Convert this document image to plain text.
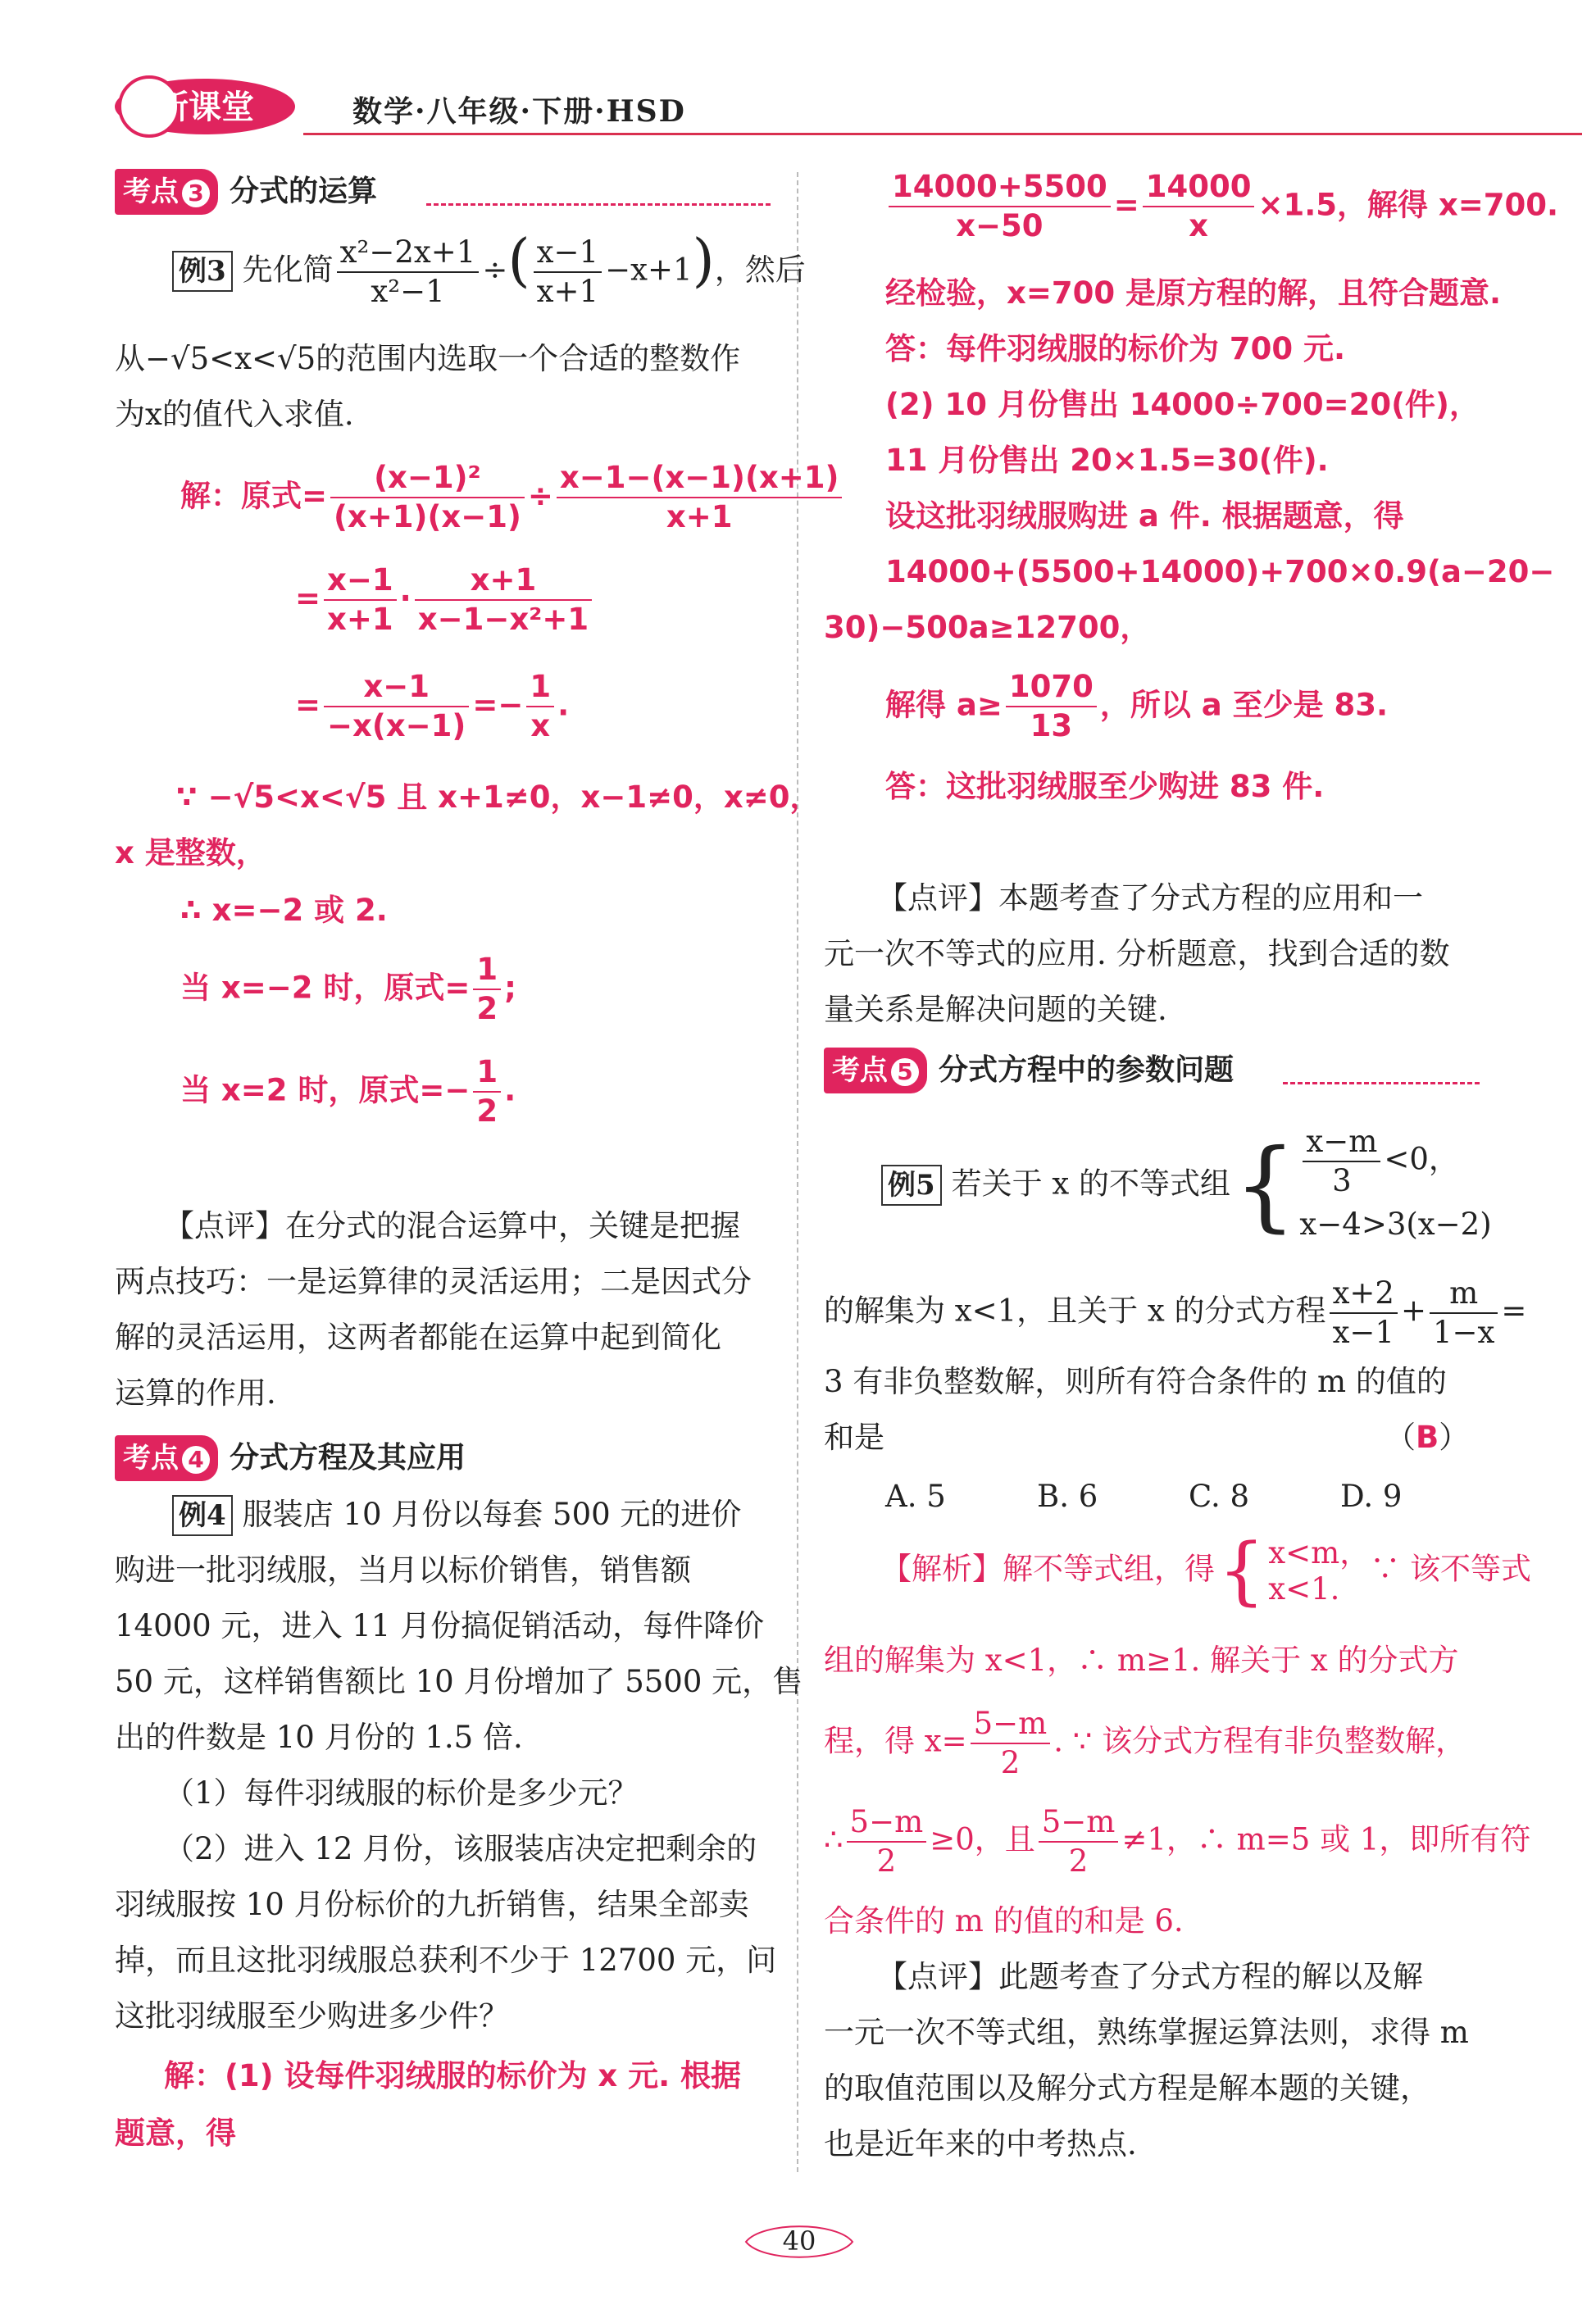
新课堂	数学·八年级·下册·HSD
考点 3 分式的运算
例3 先化简 $\frac{\text{x²−2x+1}}{\text{x²−1}}$ ÷( $\frac{x-1}{x+1} -x+1$)，然后
从−√5<x<√5的范围内选取一个合适的整数作
为x的值代入求值.
解：原式= $\frac{\text{(x−1)²}}{(x+1)(x-1)} \div \frac{x-1-(x-1)(x+1)}{x+1}$
= $\frac{x-1}{x+1} \cdot \frac{x+1}{\text{x−1−x²+1}}$
= $\frac{x-1}{-x(x-1)} =- \frac{1}{x}$ .
∵ −√5<x<√5 且 x+1≠0，x−1≠0，x≠0，
x 是整数，
∴ x=−2 或 2.
当 x=−2 时，原式= $\frac{1}{2}$ ;
当 x=2 时，原式=− $\frac{1}{2}$ .
【点评】在分式的混合运算中，关键是把握
两点技巧：一是运算律的灵活运用；二是因式分
解的灵活运用，这两者都能在运算中起到简化
运算的作用.
考点 4 分式方程及其应用
例4 服装店 10 月份以每套 500 元的进价
购进一批羽绒服，当月以标价销售，销售额
14000 元，进入 11 月份搞促销活动，每件降价
50 元，这样销售额比 10 月份增加了 5500 元，售
出的件数是 10 月份的 1.5 倍.
（1）每件羽绒服的标价是多少元？
（2）进入 12 月份，该服装店决定把剩余的
羽绒服按 10 月份标价的九折销售，结果全部卖
掉，而且这批羽绒服总获利不少于 12700 元，问
这批羽绒服至少购进多少件？
解：(1) 设每件羽绒服的标价为 x 元. 根据
题意，得
$\frac{14000+5500}{x-50} = \frac{14000}{x} \times 1.5$，解得 x=700.
经检验，x=700 是原方程的解，且符合题意.
答：每件羽绒服的标价为 700 元.
(2) 10 月份售出 14000÷700=20(件)，
11 月份售出 20×1.5=30(件).
设这批羽绒服购进 a 件. 根据题意，得
14000+(5500+14000)+700×0.9(a−20−
30)−500a≥12700，
解得 $a\ge \frac{1070}{13}$ ，所以 a 至少是 83.
答：这批羽绒服至少购进 83 件.
【点评】本题考查了分式方程的应用和一
元一次不等式的应用. 分析题意，找到合适的数
量关系是解决问题的关键.
考点 5 分式方程中的参数问题
例5 若关于 x 的不等式组{ $\frac{x-m}{3} <0$，
x−4>3(x−2)
的解集为 x<1，且关于 x 的分式方程 $\frac{x+2}{x-1} + \frac{m}{1-x}$ =
3 有非负整数解，则所有符合条件的 m 的值的
和是	（B）
A. 5	B. 6	C. 8	D. 9
【解析】解不等式组，得{ x<m，
x<1.
∵ 该不等式
组的解集为 x<1，∴ m≥1. 解关于 x 的分式方
程，得 $x= \frac{5-m}{2}$ . ∵ 该分式方程有非负整数解，
∴ $\frac{5-m}{2} \ge 0$，且 $\frac{5-m}{2} \ne 1$，∴ m=5 或 1，即所有符
合条件的 m 的值的和是 6.
【点评】此题考查了分式方程的解以及解
一元一次不等式组，熟练掌握运算法则，求得 m
的取值范围以及解分式方程是解本题的关键，
也是近年来的中考热点.
40
